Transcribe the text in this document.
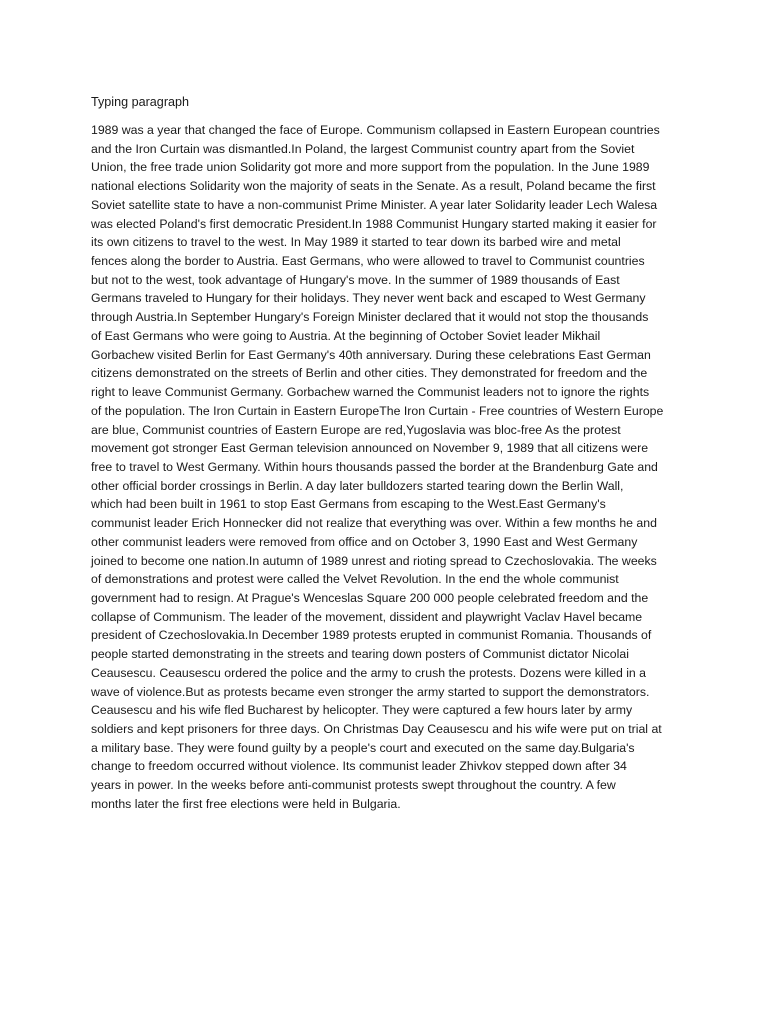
Typing paragraph
1989 was a year that changed the face of Europe. Communism collapsed in Eastern European countries
and the Iron Curtain was dismantled.In Poland, the largest Communist country apart from the Soviet
Union, the free trade union Solidarity got more and more support from the population. In the June 1989
national elections Solidarity won the majority of seats in the Senate. As a result, Poland became the first
Soviet satellite state to have a non-communist Prime Minister. A year later Solidarity leader Lech Walesa
was elected Poland's first democratic President.In 1988 Communist Hungary started making it easier for
its own citizens to travel to the west. In May 1989 it started to tear down its barbed wire and metal
fences along the border to Austria. East Germans, who were allowed to travel to Communist countries
but not to the west, took advantage of Hungary's move. In the summer of 1989 thousands of East
Germans traveled to Hungary for their holidays. They never went back and escaped to West Germany
through Austria.In September Hungary's Foreign Minister declared that it would not stop the thousands
of East Germans who were going to Austria. At the beginning of October Soviet leader Mikhail
Gorbachew visited Berlin for East Germany's 40th anniversary. During these celebrations East German
citizens demonstrated on the streets of Berlin and other cities. They demonstrated for freedom and the
right to leave Communist Germany. Gorbachew warned the Communist leaders not to ignore the rights
of the population. The Iron Curtain in Eastern EuropeThe Iron Curtain - Free countries of Western Europe
are blue, Communist countries of Eastern Europe are red,Yugoslavia was bloc-free As the protest
movement got stronger East German television announced on November 9, 1989 that all citizens were
free to travel to West Germany. Within hours thousands passed the border at the Brandenburg Gate and
other official border crossings in Berlin. A day later bulldozers started tearing down the Berlin Wall,
which had been built in 1961 to stop East Germans from escaping to the West.East Germany's
communist leader Erich Honnecker did not realize that everything was over. Within a few months he and
other communist leaders were removed from office and on October 3, 1990 East and West Germany
joined to become one nation.In autumn of 1989 unrest and rioting spread to Czechoslovakia. The weeks
of demonstrations and protest were called the Velvet Revolution. In the end the whole communist
government had to resign. At Prague's Wenceslas Square 200 000 people celebrated freedom and the
collapse of Communism. The leader of the movement, dissident and playwright Vaclav Havel became
president of Czechoslovakia.In December 1989 protests erupted in communist Romania. Thousands of
people started demonstrating in the streets and tearing down posters of Communist dictator Nicolai
Ceausescu. Ceausescu ordered the police and the army to crush the protests. Dozens were killed in a
wave of violence.But as protests became even stronger the army started to support the demonstrators.
Ceausescu and his wife fled Bucharest by helicopter. They were captured a few hours later by army
soldiers and kept prisoners for three days. On Christmas Day Ceausescu and his wife were put on trial at
a military base. They were found guilty by a people's court and executed on the same day.Bulgaria's
change to freedom occurred without violence. Its communist leader Zhivkov stepped down after 34
years in power. In the weeks before anti-communist protests swept throughout the country. A few
months later the first free elections were held in Bulgaria.
